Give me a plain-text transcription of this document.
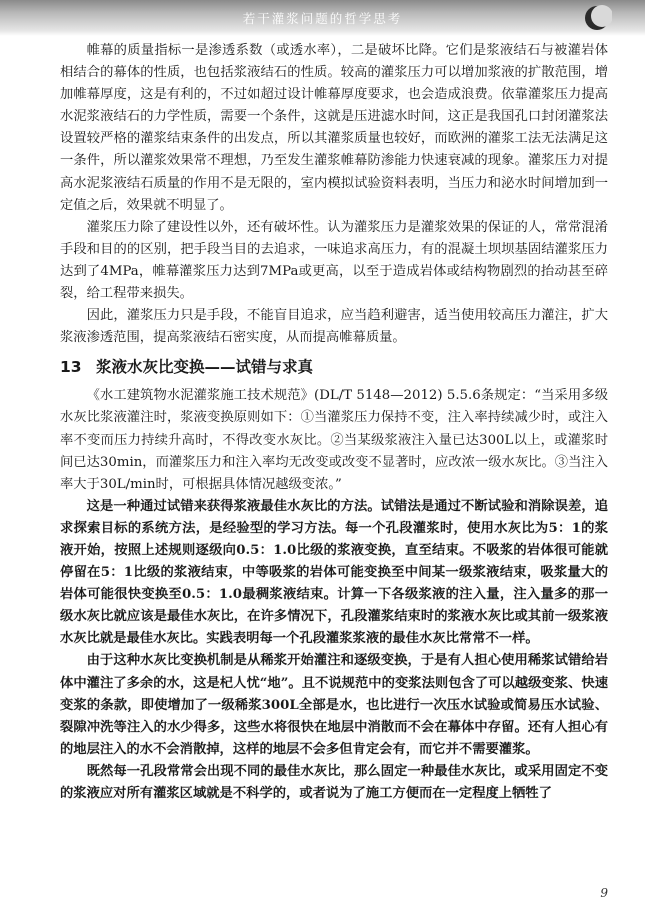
若干灌浆问题的哲学思考

帷幕的质量指标一是渗透系数（或透水率），二是破坏比降。它们是浆液结石与被灌岩体相结合的幕体的性质，也包括浆液结石的性质。较高的灌浆压力可以增加浆液的扩散范围，增加帷幕厚度，这是有利的，不过如超过设计帷幕厚度要求，也会造成浪费。依靠灌浆压力提高水泥浆液结石的力学性质，需要一个条件，这就是压进滤水时间，这正是我国孔口封闭灌浆法设置较严格的灌浆结束条件的出发点，所以其灌浆质量也较好，而欧洲的灌浆工法无法满足这一条件，所以灌浆效果常不理想，乃至发生灌浆帷幕防渗能力快速衰减的现象。灌浆压力对提高水泥浆液结石质量的作用不是无限的，室内模拟试验资料表明，当压力和泌水时间增加到一定值之后，效果就不明显了。

灌浆压力除了建设性以外，还有破坏性。认为灌浆压力是灌浆效果的保证的人，常常混淆手段和目的的区别，把手段当目的去追求，一味追求高压力，有的混凝土坝坝基固结灌浆压力达到了4MPa，帷幕灌浆压力达到7MPa或更高，以至于造成岩体或结构物剧烈的抬动甚至碎裂，给工程带来损失。

因此，灌浆压力只是手段，不能盲目追求，应当趋利避害，适当使用较高压力灌注，扩大浆液渗透范围，提高浆液结石密实度，从而提高帷幕质量。

13 浆液水灰比变换——试错与求真

《水工建筑物水泥灌浆施工技术规范》(DL/T 5148—2012) 5.5.6条规定：“当采用多级水灰比浆液灌注时，浆液变换原则如下：①当灌浆压力保持不变，注入率持续减少时，或注入率不变而压力持续升高时，不得改变水灰比。②当某级浆液注入量已达300L以上，或灌浆时间已达30min，而灌浆压力和注入率均无改变或改变不显著时，应改浓一级水灰比。③当注入率大于30L/min时，可根据具体情况越级变浓。”

这是一种通过试错来获得浆液最佳水灰比的方法。试错法是通过不断试验和消除误差，追求探索目标的系统方法，是经验型的学习方法。每一个孔段灌浆时，使用水灰比为5：1的浆液开始，按照上述规则逐级向0.5：1.0比级的浆液变换，直至结束。不吸浆的岩体很可能就停留在5：1比级的浆液结束，中等吸浆的岩体可能变换至中间某一级浆液结束，吸浆量大的岩体可能很快变换至0.5：1.0最稠浆液结束。计算一下各级浆液的注入量，注入量多的那一级水灰比就应该是最佳水灰比，在许多情况下，孔段灌浆结束时的浆液水灰比或其前一级浆液水灰比就是最佳水灰比。实践表明每一个孔段灌浆浆液的最佳水灰比常常不一样。

由于这种水灰比变换机制是从稀浆开始灌注和逐级变换，于是有人担心使用稀浆试错给岩体中灌注了多余的水，这是杞人忧“地”。且不说规范中的变浆法则包含了可以越级变浆、快速变浆的条款，即使增加了一级稀浆300L全部是水，也比进行一次压水试验或简易压水试验、裂隙冲洗等注入的水少得多，这些水将很快在地层中消散而不会在幕体中存留。还有人担心有的地层注入的水不会消散掉，这样的地层不会多但肯定会有，而它并不需要灌浆。

既然每一孔段常常会出现不同的最佳水灰比，那么固定一种最佳水灰比，或采用固定不变的浆液应对所有灌浆区域就是不科学的，或者说为了施工方便而在一定程度上牺牲了

9
